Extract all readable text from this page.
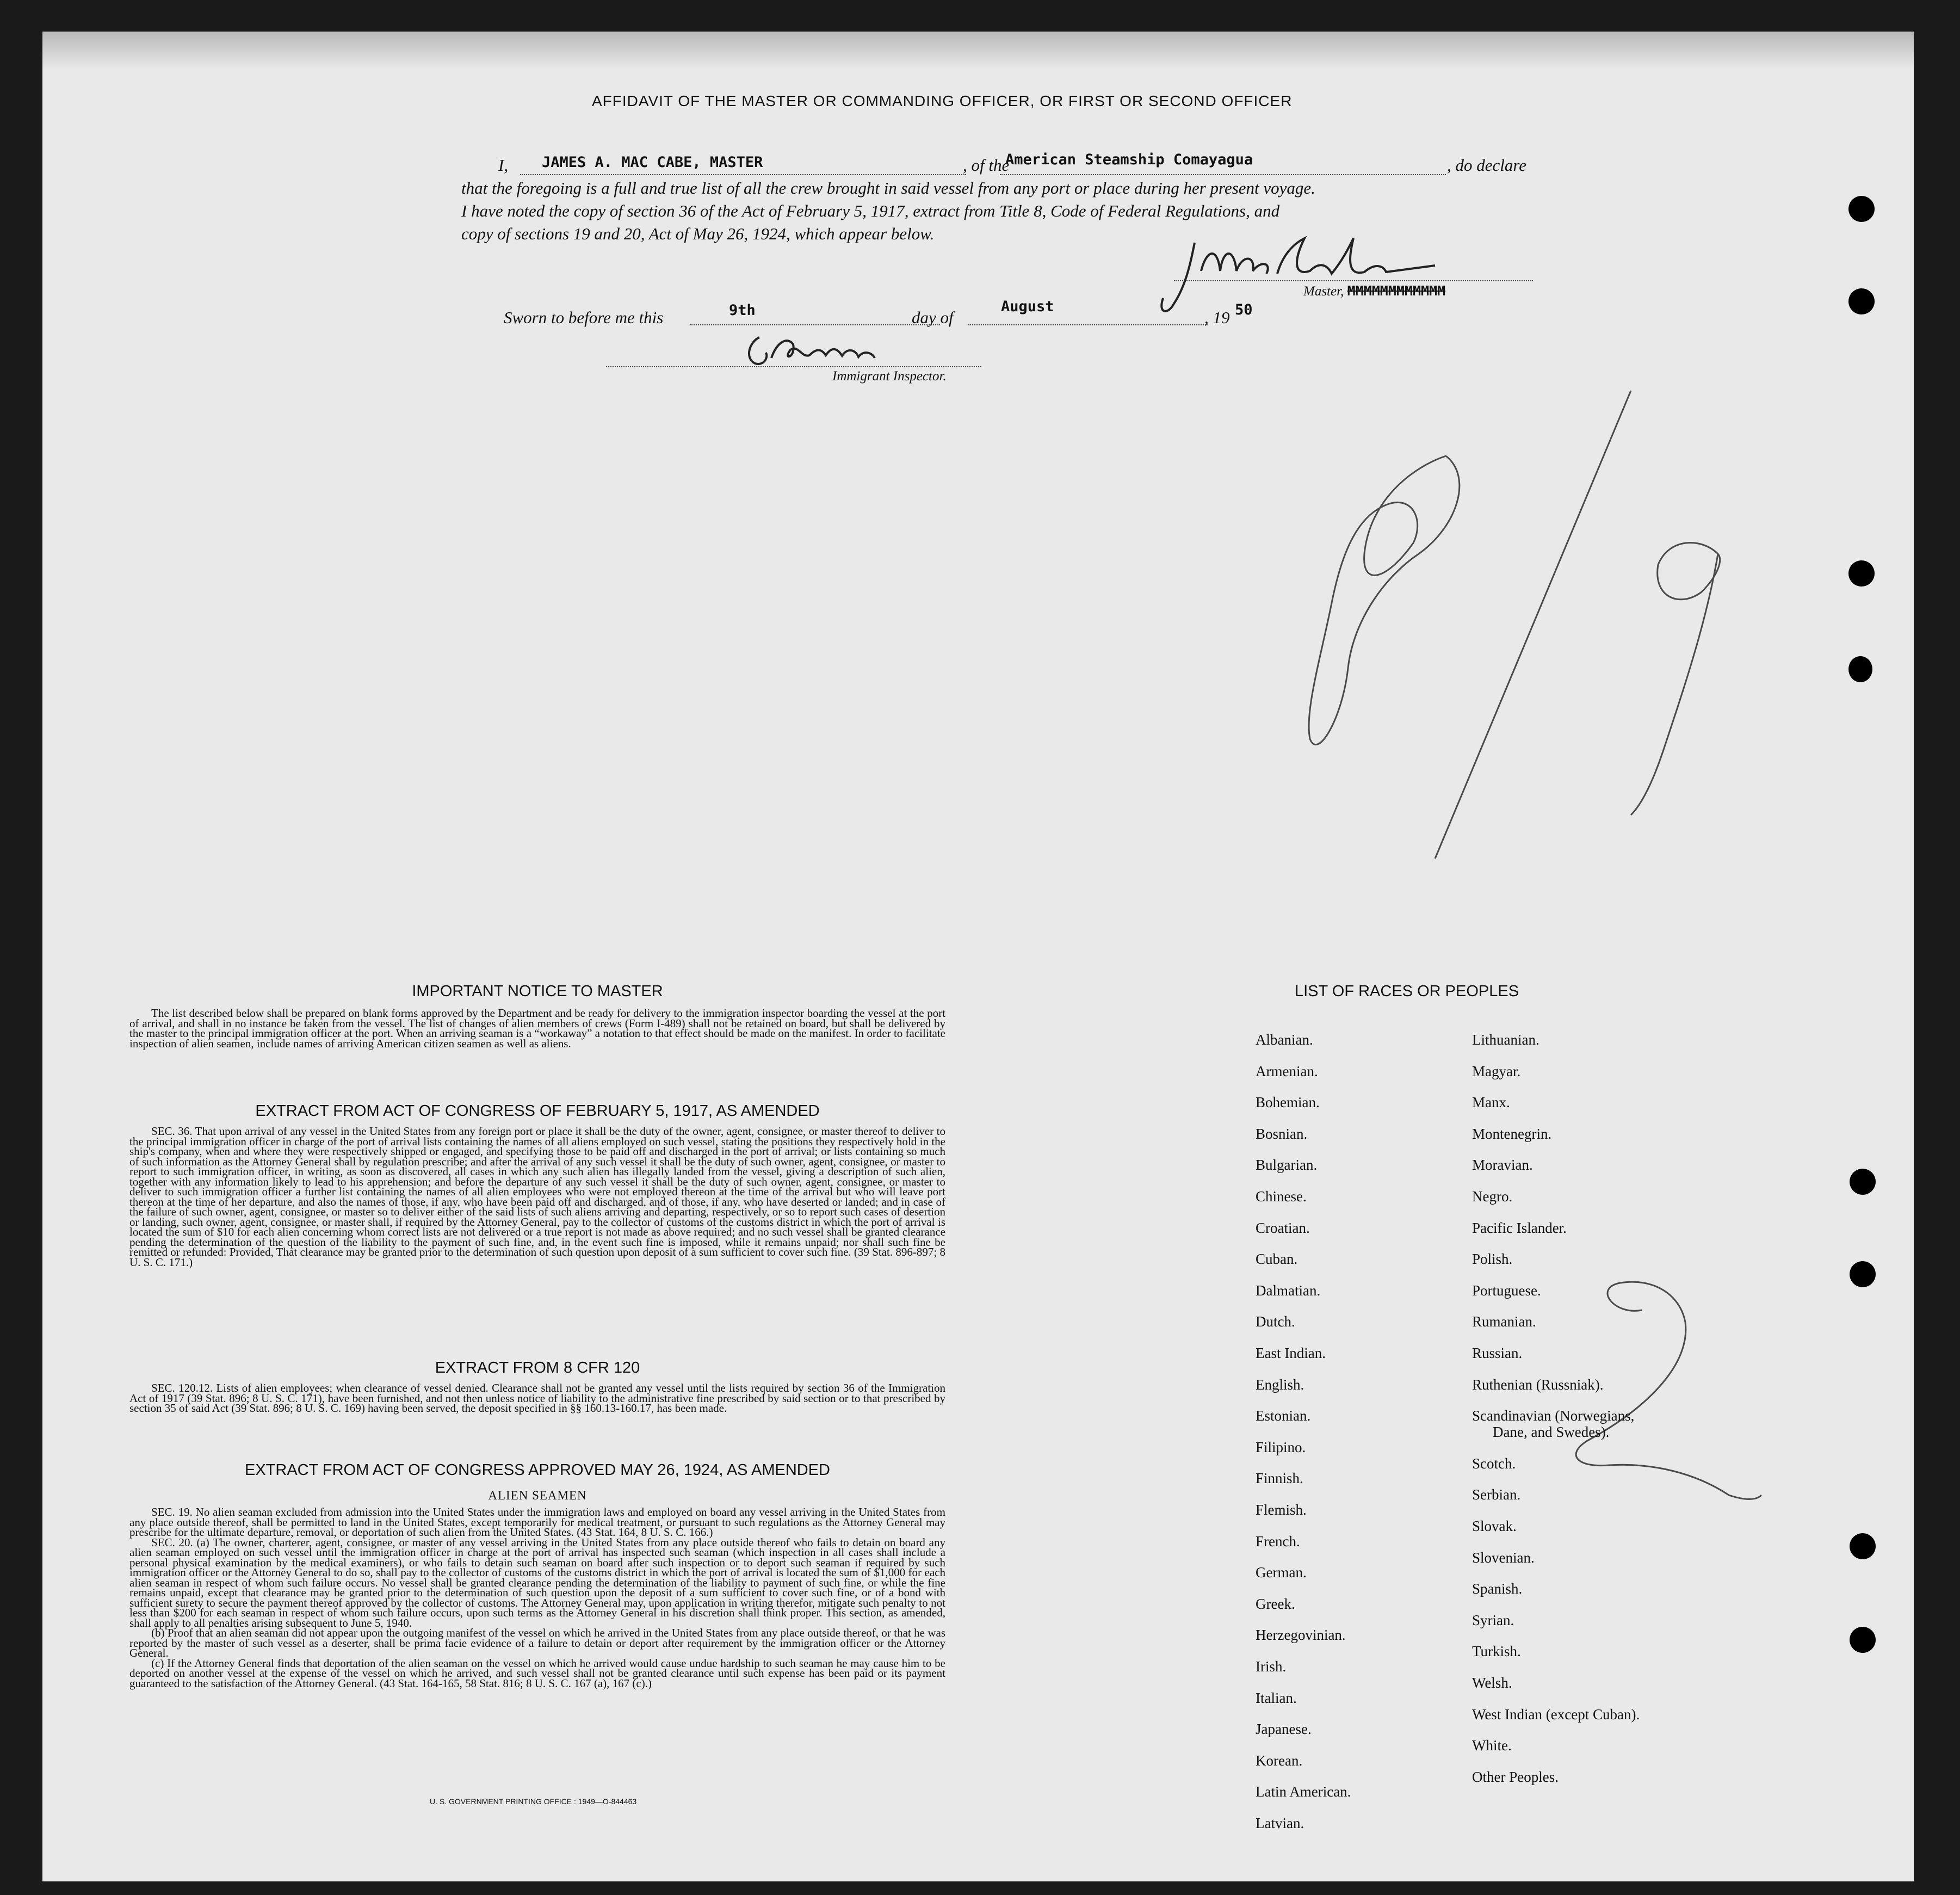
AFFIDAVIT OF THE MASTER OR COMMANDING OFFICER, OR FIRST OR SECOND OFFICER
I, JAMES A. MAC CABE, MASTER	, of the
American Steamship Comayagua	, do declare
that the foregoing is a full and true list of all the crew brought in said vessel from any port or place during her present voyage.
I have noted the copy of section 36 of the Act of February 5, 1917, extract from Title 8, Code of Federal Regulations, and
copy of sections 19 and 20, Act of May 26, 1924, which appear below.
Master, MMMMMMMMMMMM
Sworn to before me this	9th	day of
August
, 19 50
Immigrant Inspector.
IMPORTANT NOTICE TO MASTER

The list described below shall be prepared on blank forms approved by the Department and be ready for delivery to the immigration inspector boarding the vessel at the port of arrival, and shall in no instance be taken from the vessel. The list of changes of alien members of crews (Form I-489) shall not be retained on board, but shall be delivered by the master to the principal immigration officer at the port. When an arriving seaman is a “workaway” a notation to that effect should be made on the manifest. In order to facilitate inspection of alien seamen, include names of arriving American citizen seamen as well as aliens.

EXTRACT FROM ACT OF CONGRESS OF FEBRUARY 5, 1917, AS AMENDED

SEC. 36. That upon arrival of any vessel in the United States from any foreign port or place it shall be the duty of the owner, agent, consignee, or master thereof to deliver to the principal immigration officer in charge of the port of arrival lists containing the names of all aliens employed on such vessel, stating the positions they respectively hold in the ship's company, when and where they were respectively shipped or engaged, and specifying those to be paid off and discharged in the port of arrival; or lists containing so much of such information as the Attorney General shall by regulation prescribe; and after the arrival of any such vessel it shall be the duty of such owner, agent, consignee, or master to report to such immigration officer, in writing, as soon as discovered, all cases in which any such alien has illegally landed from the vessel, giving a description of such alien, together with any information likely to lead to his apprehension; and before the departure of any such vessel it shall be the duty of such owner, agent, consignee, or master to deliver to such immigration officer a further list containing the names of all alien employees who were not employed thereon at the time of the arrival but who will leave port thereon at the time of her departure, and also the names of those, if any, who have been paid off and discharged, and of those, if any, who have deserted or landed; and in case of the failure of such owner, agent, consignee, or master so to deliver either of the said lists of such aliens arriving and departing, respectively, or so to report such cases of desertion or landing, such owner, agent, consignee, or master shall, if required by the Attorney General, pay to the collector of customs of the customs district in which the port of arrival is located the sum of $10 for each alien concerning whom correct lists are not delivered or a true report is not made as above required; and no such vessel shall be granted clearance pending the determination of the question of the liability to the payment of such fine, and, in the event such fine is imposed, while it remains unpaid; nor shall such fine be remitted or refunded: Provided, That clearance may be granted prior to the determination of such question upon deposit of a sum sufficient to cover such fine. (39 Stat. 896-897; 8 U. S. C. 171.)

EXTRACT FROM 8 CFR 120

SEC. 120.12. Lists of alien employees; when clearance of vessel denied. Clearance shall not be granted any vessel until the lists required by section 36 of the Immigration Act of 1917 (39 Stat. 896; 8 U. S. C. 171), have been furnished, and not then unless notice of liability to the administrative fine prescribed by said section or to that prescribed by section 35 of said Act (39 Stat. 896; 8 U. S. C. 169) having been served, the deposit specified in §§ 160.13-160.17, has been made.

EXTRACT FROM ACT OF CONGRESS APPROVED MAY 26, 1924, AS AMENDED
ALIEN SEAMEN

SEC. 19. No alien seaman excluded from admission into the United States under the immigration laws and employed on board any vessel arriving in the United States from any place outside thereof, shall be permitted to land in the United States, except temporarily for medical treatment, or pursuant to such regulations as the Attorney General may prescribe for the ultimate departure, removal, or deportation of such alien from the United States. (43 Stat. 164, 8 U. S. C. 166.)

SEC. 20. (a) The owner, charterer, agent, consignee, or master of any vessel arriving in the United States from any place outside thereof who fails to detain on board any alien seaman employed on such vessel until the immigration officer in charge at the port of arrival has inspected such seaman (which inspection in all cases shall include a personal physical examination by the medical examiners), or who fails to detain such seaman on board after such inspection or to deport such seaman if required by such immigration officer or the Attorney General to do so, shall pay to the collector of customs of the customs district in which the port of arrival is located the sum of $1,000 for each alien seaman in respect of whom such failure occurs. No vessel shall be granted clearance pending the determination of the liability to payment of such fine, or while the fine remains unpaid, except that clearance may be granted prior to the determination of such question upon the deposit of a sum sufficient to cover such fine, or of a bond with sufficient surety to secure the payment thereof approved by the collector of customs. The Attorney General may, upon application in writing therefor, mitigate such penalty to not less than $200 for each seaman in respect of whom such failure occurs, upon such terms as the Attorney General in his discretion shall think proper. This section, as amended, shall apply to all penalties arising subsequent to June 5, 1940.

(b) Proof that an alien seaman did not appear upon the outgoing manifest of the vessel on which he arrived in the United States from any place outside thereof, or that he was reported by the master of such vessel as a deserter, shall be prima facie evidence of a failure to detain or deport after requirement by the immigration officer or the Attorney General.

(c) If the Attorney General finds that deportation of the alien seaman on the vessel on which he arrived would cause undue hardship to such seaman he may cause him to be deported on another vessel at the expense of the vessel on which he arrived, and such vessel shall not be granted clearance until such expense has been paid or its payment guaranteed to the satisfaction of the Attorney General. (43 Stat. 164-165, 58 Stat. 816; 8 U. S. C. 167 (a), 167 (c).)

U. S. GOVERNMENT PRINTING OFFICE : 1949—O-844463
LIST OF RACES OR PEOPLES
Albanian.
Armenian.
Bohemian.
Bosnian.
Bulgarian.
Chinese.
Croatian.
Cuban.
Dalmatian.
Dutch.
East Indian.
English.
Estonian.
Filipino.
Finnish.
Flemish.
French.
German.
Greek.
Herzegovinian.
Irish.
Italian.
Japanese.
Korean.
Latin American.
Latvian.
Lithuanian.
Magyar.
Manx.
Montenegrin.
Moravian.
Negro.
Pacific Islander.
Polish.
Portuguese.
Rumanian.
Russian.
Ruthenian (Russniak).
Scandinavian (Norwegians,
Dane, and Swedes).
Scotch.
Serbian.
Slovak.
Slovenian.
Spanish.
Syrian.
Turkish.
Welsh.
West Indian (except Cuban).
White.
Other Peoples.
